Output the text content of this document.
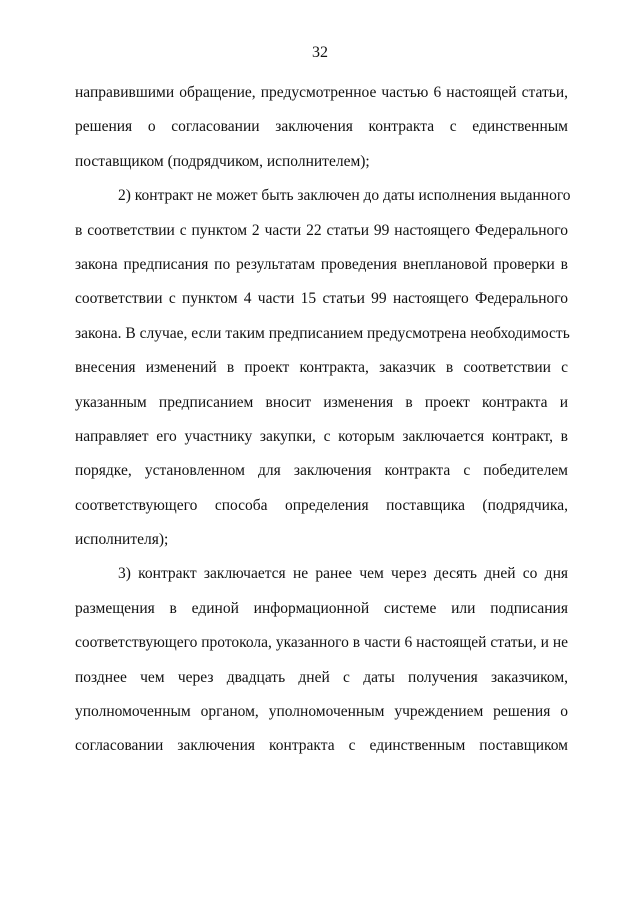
32
направившими обращение, предусмотренное частью 6 настоящей статьи,
решения о согласовании заключения контракта с единственным
поставщиком (подрядчиком, исполнителем);
2) контракт не может быть заключен до даты исполнения выданного
в соответствии с пунктом 2 части 22 статьи 99 настоящего Федерального
закона предписания по результатам проведения внеплановой проверки в
соответствии с пунктом 4 части 15 статьи 99 настоящего Федерального
закона. В случае, если таким предписанием предусмотрена необходимость
внесения изменений в проект контракта, заказчик в соответствии с
указанным предписанием вносит изменения в проект контракта и
направляет его участнику закупки, с которым заключается контракт, в
порядке, установленном для заключения контракта с победителем
соответствующего способа определения поставщика (подрядчика,
исполнителя);
3) контракт заключается не ранее чем через десять дней со дня
размещения в единой информационной системе или подписания
соответствующего протокола, указанного в части 6 настоящей статьи, и не
позднее чем через двадцать дней с даты получения заказчиком,
уполномоченным органом, уполномоченным учреждением решения о
согласовании заключения контракта с единственным поставщиком
